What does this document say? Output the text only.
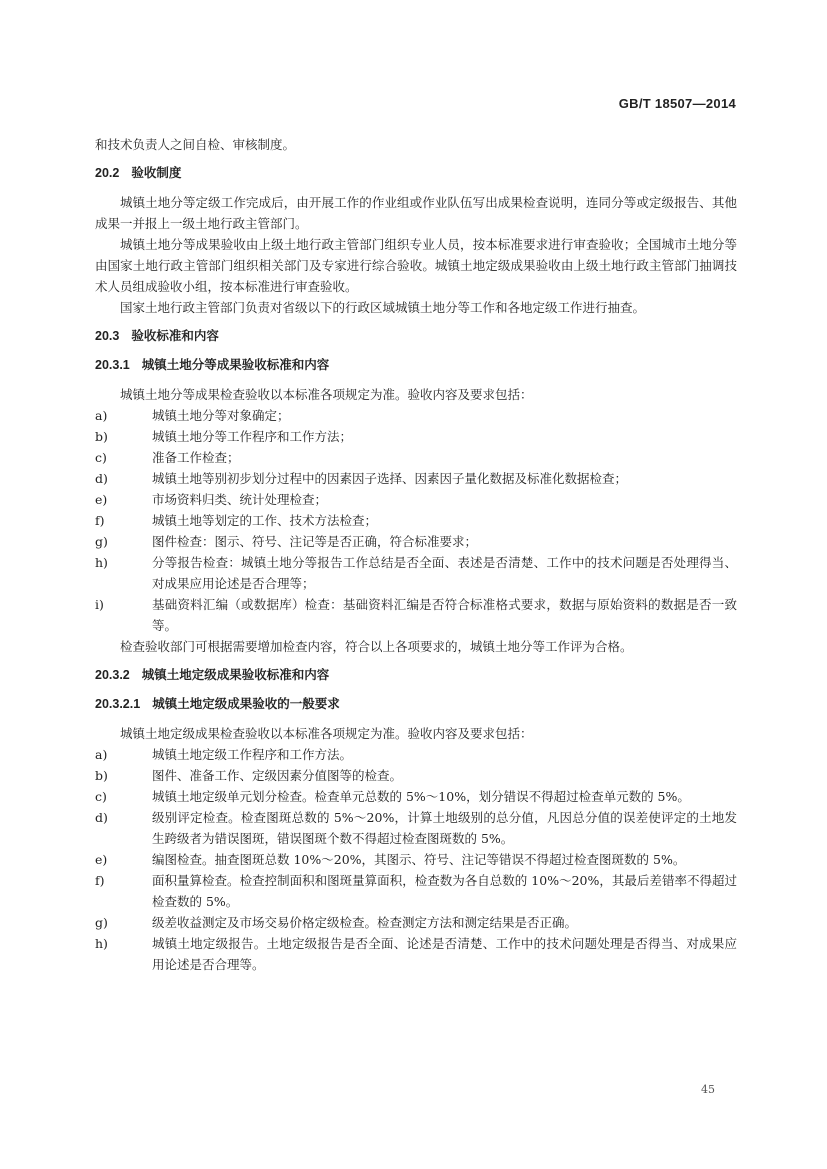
GB/T 18507—2014

和技术负责人之间自检、审核制度。

20.2 验收制度

城镇土地分等定级工作完成后，由开展工作的作业组或作业队伍写出成果检查说明，连同分等或定级报告、其他成果一并报上一级土地行政主管部门。

城镇土地分等成果验收由上级土地行政主管部门组织专业人员，按本标准要求进行审查验收；全国城市土地分等由国家土地行政主管部门组织相关部门及专家进行综合验收。城镇土地定级成果验收由上级土地行政主管部门抽调技术人员组成验收小组，按本标准进行审查验收。

国家土地行政主管部门负责对省级以下的行政区域城镇土地分等工作和各地定级工作进行抽查。

20.3 验收标准和内容

20.3.1 城镇土地分等成果验收标准和内容

城镇土地分等成果检查验收以本标准各项规定为准。验收内容及要求包括：

a)	城镇土地分等对象确定；
b)	城镇土地分等工作程序和工作方法；
c)	准备工作检查；
d)	城镇土地等别初步划分过程中的因素因子选择、因素因子量化数据及标准化数据检查；
e)	市场资料归类、统计处理检查；
f)	城镇土地等划定的工作、技术方法检查；
g)	图件检查：图示、符号、注记等是否正确，符合标准要求；
h)	分等报告检查：城镇土地分等报告工作总结是否全面、表述是否清楚、工作中的技术问题是否处理得当、对成果应用论述是否合理等；
i)	基础资料汇编（或数据库）检查：基础资料汇编是否符合标准格式要求，数据与原始资料的数据是否一致等。

检查验收部门可根据需要增加检查内容，符合以上各项要求的，城镇土地分等工作评为合格。

20.3.2 城镇土地定级成果验收标准和内容

20.3.2.1 城镇土地定级成果验收的一般要求

城镇土地定级成果检查验收以本标准各项规定为准。验收内容及要求包括：

a)	城镇土地定级工作程序和工作方法。
b)	图件、准备工作、定级因素分值图等的检查。
c)	城镇土地定级单元划分检查。检查单元总数的 5%～10%，划分错误不得超过检查单元数的 5%。
d)	级别评定检查。检查图斑总数的 5%～20%，计算土地级别的总分值，凡因总分值的误差使评定的土地发生跨级者为错误图斑，错误图斑个数不得超过检查图斑数的 5%。
e)	编图检查。抽查图斑总数 10%～20%，其图示、符号、注记等错误不得超过检查图斑数的 5%。
f)	面积量算检查。检查控制面积和图斑量算面积，检查数为各自总数的 10%～20%，其最后差错率不得超过检查数的 5%。
g)	级差收益测定及市场交易价格定级检查。检查测定方法和测定结果是否正确。
h)	城镇土地定级报告。土地定级报告是否全面、论述是否清楚、工作中的技术问题处理是否得当、对成果应用论述是否合理等。
45
